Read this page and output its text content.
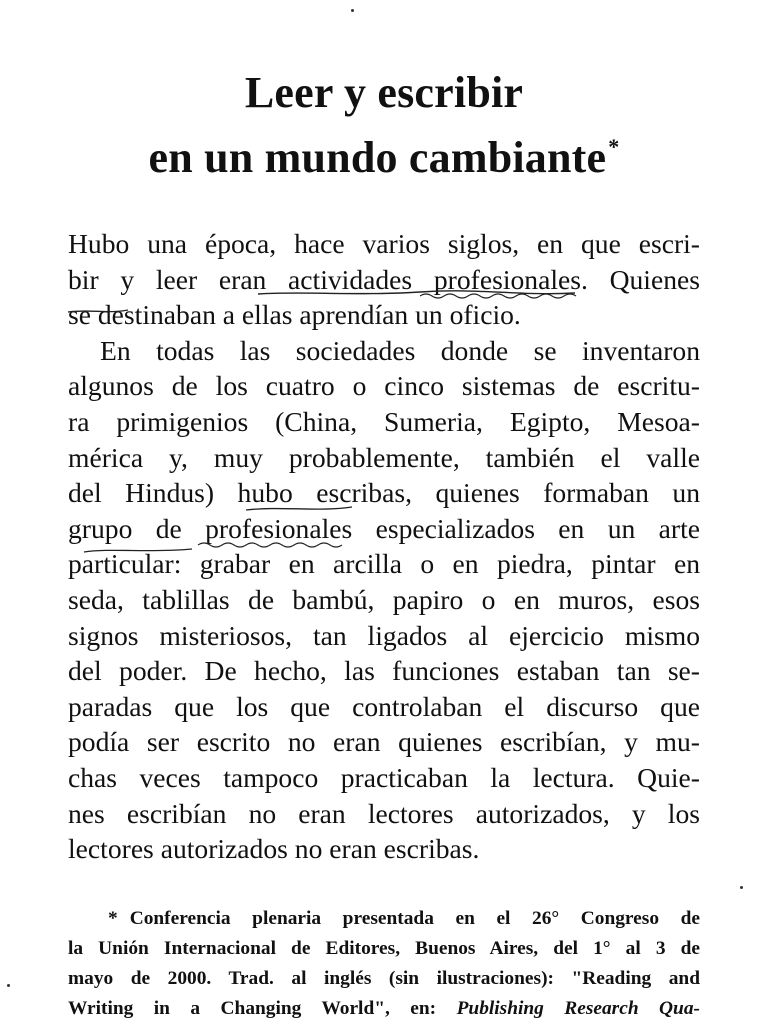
Leer y escribir
en un mundo cambiante*
Hubo una época, hace varios siglos, en que escri-
bir y leer eran actividades profesionales. Quienes
se destinaban a ellas aprendían un oficio.
En todas las sociedades donde se inventaron
algunos de los cuatro o cinco sistemas de escritu-
ra primigenios (China, Sumeria, Egipto, Mesoa-
mérica y, muy probablemente, también el valle
del Hindus) hubo escribas, quienes formaban un
grupo de profesionales especializados en un arte
particular: grabar en arcilla o en piedra, pintar en
seda, tablillas de bambú, papiro o en muros, esos
signos misteriosos, tan ligados al ejercicio mismo
del poder. De hecho, las funciones estaban tan se-
paradas que los que controlaban el discurso que
podía ser escrito no eran quienes escribían, y mu-
chas veces tampoco practicaban la lectura. Quie-
nes escribían no eran lectores autorizados, y los
lectores autorizados no eran escribas.
* Conferencia plenaria presentada en el 26° Congreso de
la Unión Internacional de Editores, Buenos Aires, del 1° al 3 de
mayo de 2000. Trad. al inglés (sin ilustraciones): "Reading and
Writing in a Changing World", en: Publishing Research Qua-
